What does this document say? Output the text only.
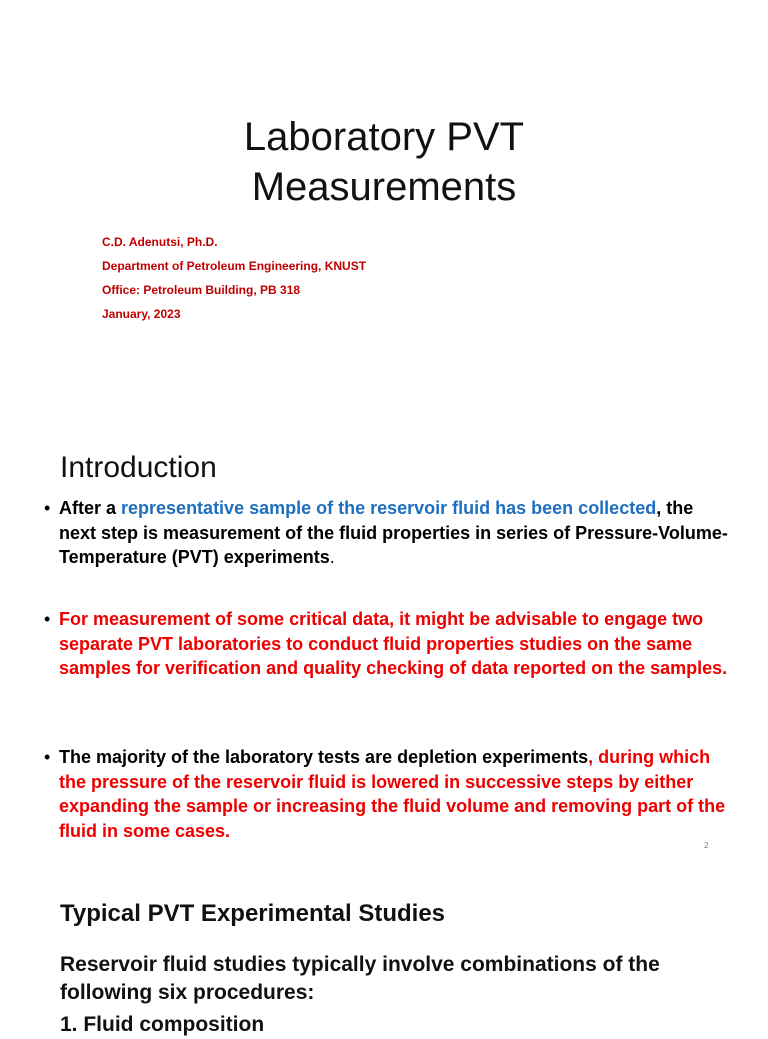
Laboratory PVT
Measurements
C.D. Adenutsi, Ph.D.
Department of Petroleum Engineering, KNUST
Office: Petroleum Building, PB 318
January, 2023
Introduction
• After a representative sample of the reservoir fluid has been collected, the next step is measurement of the fluid properties in series of Pressure-Volume-Temperature (PVT) experiments.
• For measurement of some critical data, it might be advisable to engage two separate PVT laboratories to conduct fluid properties studies on the same samples for verification and quality checking of data reported on the samples.
• The majority of the laboratory tests are depletion experiments, during which the pressure of the reservoir fluid is lowered in successive steps by either expanding the sample or increasing the fluid volume and removing part of the fluid in some cases.
2
Typical PVT Experimental Studies

Reservoir fluid studies typically involve combinations of the following six procedures:

1. Fluid composition
